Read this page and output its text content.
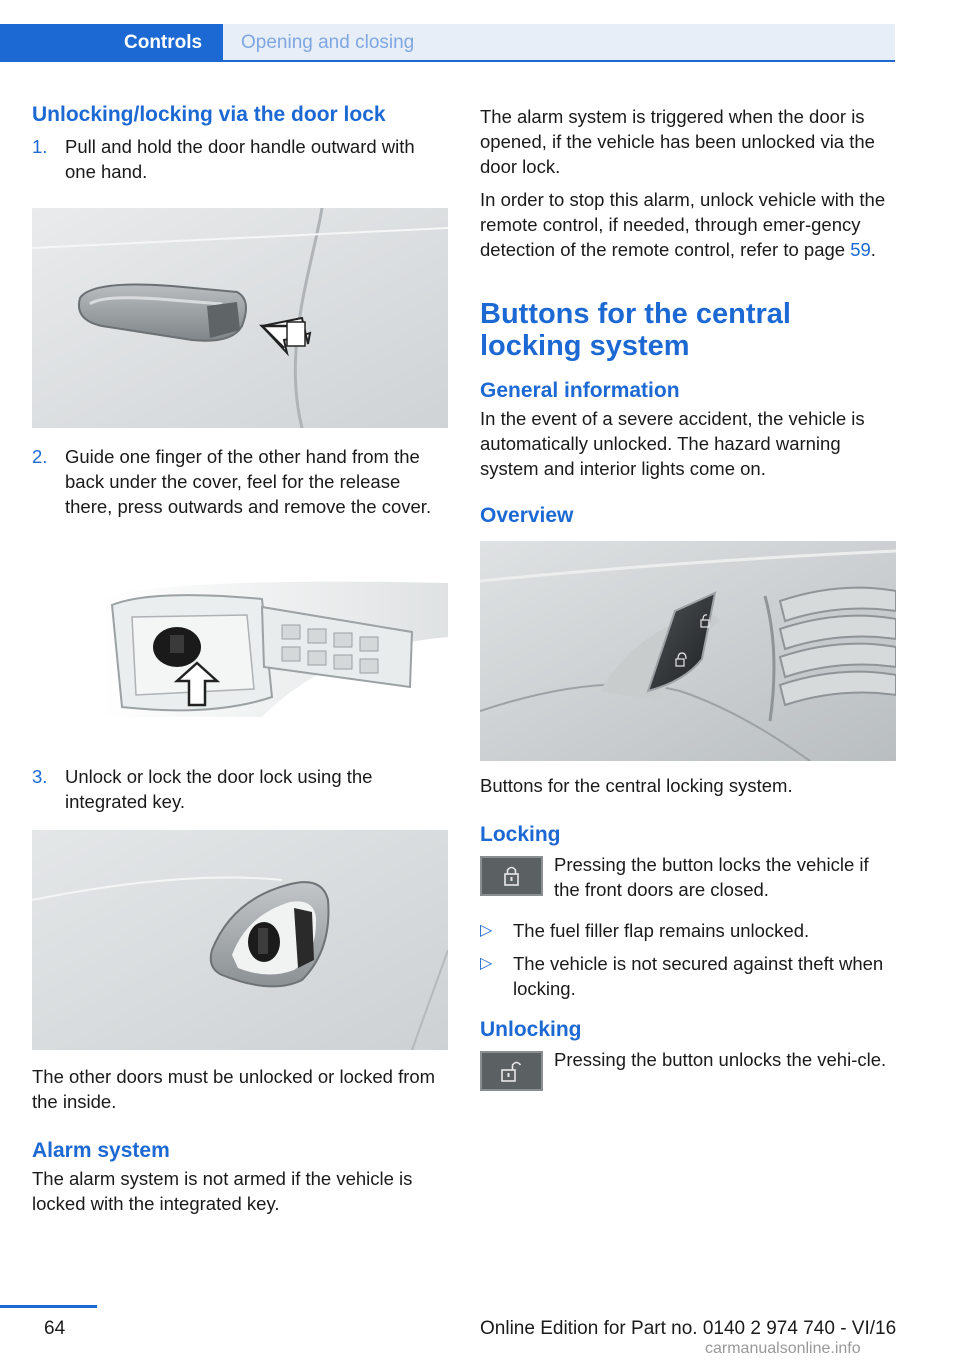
Controls	Opening and closing
Unlocking/locking via the door lock
1. Pull and hold the door handle outward with one hand.
2. Guide one finger of the other hand from the back under the cover, feel for the release there, press outwards and remove the cover.
3. Unlock or lock the door lock using the integrated key.
The other doors must be unlocked or locked from the inside.
Alarm system
The alarm system is not armed if the vehicle is locked with the integrated key.
The alarm system is triggered when the door is opened, if the vehicle has been unlocked via the door lock.
In order to stop this alarm, unlock vehicle with the remote control, if needed, through emer-gency detection of the remote control, refer to page 59.
Buttons for the central
locking system
General information
In the event of a severe accident, the vehicle is automatically unlocked. The hazard warning system and interior lights come on.
Overview
Buttons for the central locking system.
Locking
Pressing the button locks the vehicle if the front doors are closed.
▷	The fuel filler flap remains unlocked.
▷	The vehicle is not secured against theft when locking.
Unlocking
Pressing the button unlocks the vehi-cle.
64	Online Edition for Part no. 0140 2 974 740 - VI/16
carmanualsonline.info
